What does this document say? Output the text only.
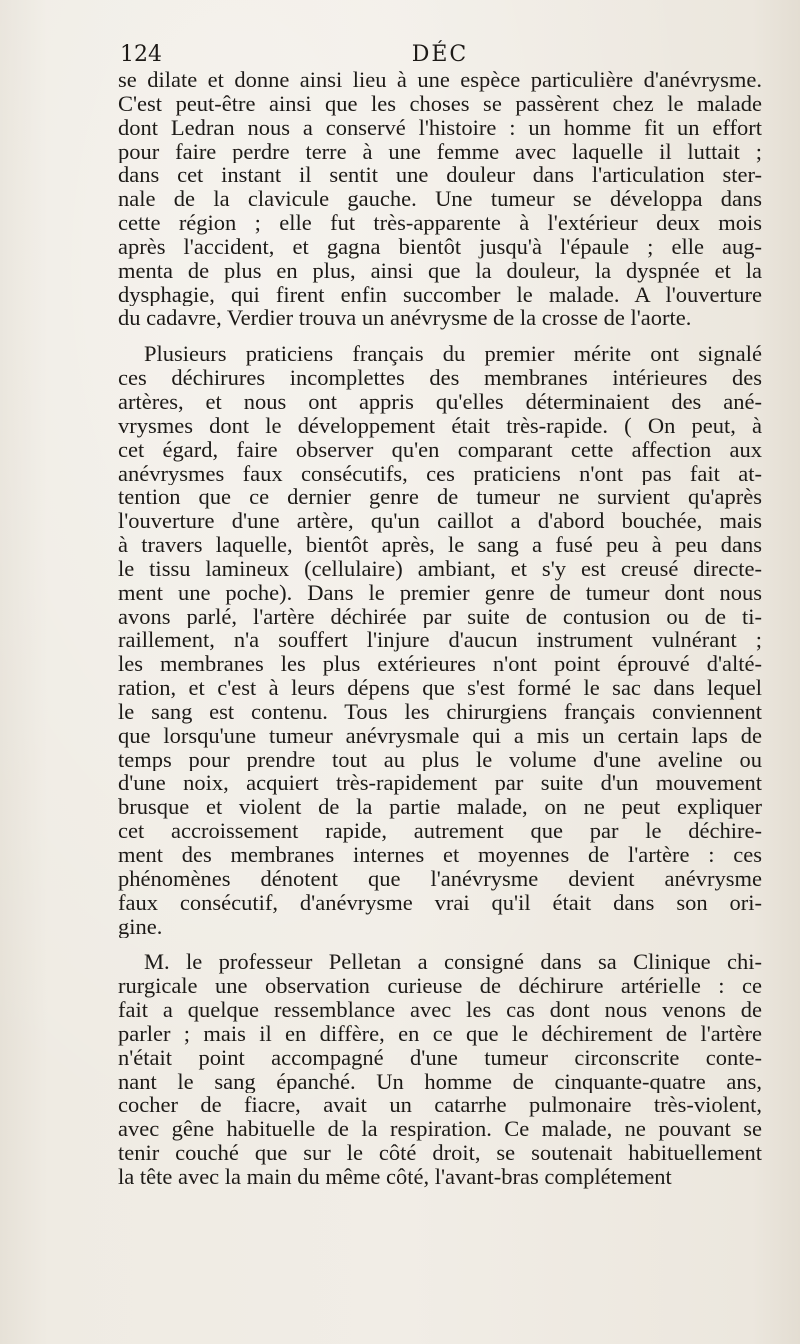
124	DÉC

se dilate et donne ainsi lieu à une espèce particulière d'anévrysme.
C'est peut-être ainsi que les choses se passèrent chez le malade
dont Ledran nous a conservé l'histoire : un homme fit un effort
pour faire perdre terre à une femme avec laquelle il luttait ;
dans cet instant il sentit une douleur dans l'articulation ster-
nale de la clavicule gauche. Une tumeur se développa dans
cette région ; elle fut très-apparente à l'extérieur deux mois
après l'accident, et gagna bientôt jusqu'à l'épaule ; elle aug-
menta de plus en plus, ainsi que la douleur, la dyspnée et la
dysphagie, qui firent enfin succomber le malade. A l'ouverture
du cadavre, Verdier trouva un anévrysme de la crosse de l'aorte.

Plusieurs praticiens français du premier mérite ont signalé
ces déchirures incomplettes des membranes intérieures des
artères, et nous ont appris qu'elles déterminaient des ané-
vrysmes dont le développement était très-rapide. ( On peut, à
cet égard, faire observer qu'en comparant cette affection aux
anévrysmes faux consécutifs, ces praticiens n'ont pas fait at-
tention que ce dernier genre de tumeur ne survient qu'après
l'ouverture d'une artère, qu'un caillot a d'abord bouchée, mais
à travers laquelle, bientôt après, le sang a fusé peu à peu dans
le tissu lamineux (cellulaire) ambiant, et s'y est creusé directe-
ment une poche). Dans le premier genre de tumeur dont nous
avons parlé, l'artère déchirée par suite de contusion ou de ti-
raillement, n'a souffert l'injure d'aucun instrument vulnérant ;
les membranes les plus extérieures n'ont point éprouvé d'alté-
ration, et c'est à leurs dépens que s'est formé le sac dans lequel
le sang est contenu. Tous les chirurgiens français conviennent
que lorsqu'une tumeur anévrysmale qui a mis un certain laps de
temps pour prendre tout au plus le volume d'une aveline ou
d'une noix, acquiert très-rapidement par suite d'un mouvement
brusque et violent de la partie malade, on ne peut expliquer
cet accroissement rapide, autrement que par le déchire-
ment des membranes internes et moyennes de l'artère : ces
phénomènes dénotent que l'anévrysme devient anévrysme
faux consécutif, d'anévrysme vrai qu'il était dans son ori-
gine.

M. le professeur Pelletan a consigné dans sa Clinique chi-
rurgicale une observation curieuse de déchirure artérielle : ce
fait a quelque ressemblance avec les cas dont nous venons de
parler ; mais il en diffère, en ce que le déchirement de l'artère
n'était point accompagné d'une tumeur circonscrite conte-
nant le sang épanché. Un homme de cinquante-quatre ans,
cocher de fiacre, avait un catarrhe pulmonaire très-violent,
avec gêne habituelle de la respiration. Ce malade, ne pouvant se
tenir couché que sur le côté droit, se soutenait habituellement
la tête avec la main du même côté, l'avant-bras complétement
